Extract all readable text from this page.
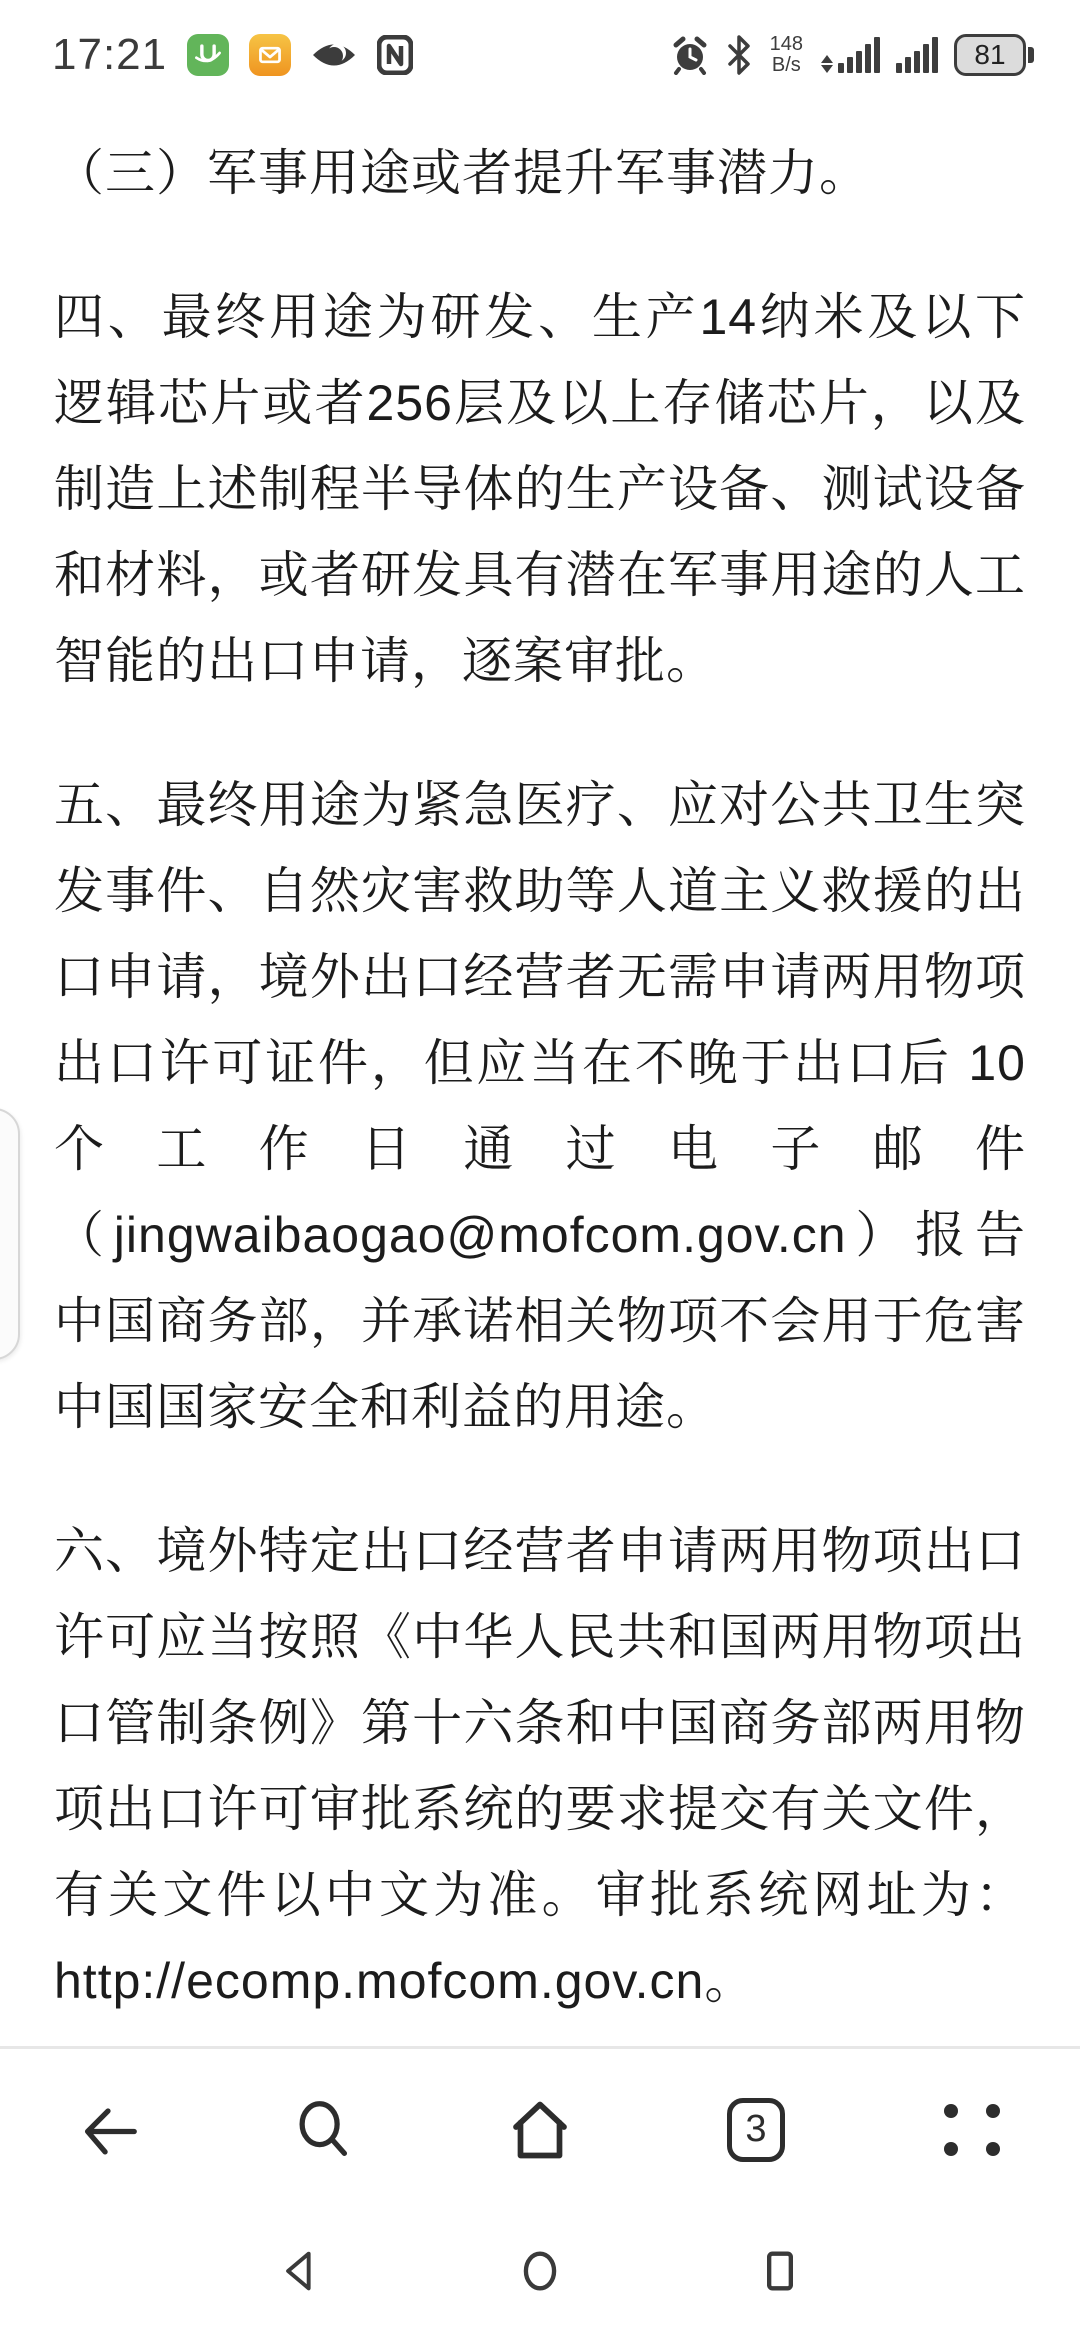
17:21	148
B/s	81

（三）军事用途或者提升军事潜力。

四、最终用途为研发、生产14纳米及以下逻辑芯片或者256层及以上存储芯片，以及制造上述制程半导体的生产设备、测试设备和材料，或者研发具有潜在军事用途的人工智能的出口申请，逐案审批。

五、最终用途为紧急医疗、应对公共卫生突发事件、自然灾害救助等人道主义救援的出口申请，境外出口经营者无需申请两用物项出口许可证件，但应当在不晚于出口后 10 个工作日通过电子邮件（jingwaibaogao@mofcom.gov.cn）报告中国商务部，并承诺相关物项不会用于危害中国国家安全和利益的用途。

六、境外特定出口经营者申请两用物项出口许可应当按照《中华人民共和国两用物项出口管制条例》第十六条和中国商务部两用物项出口许可审批系统的要求提交有关文件，有关文件以中文为准。审批系统网址为：http://ecomp.mofcom.gov.cn。

3
